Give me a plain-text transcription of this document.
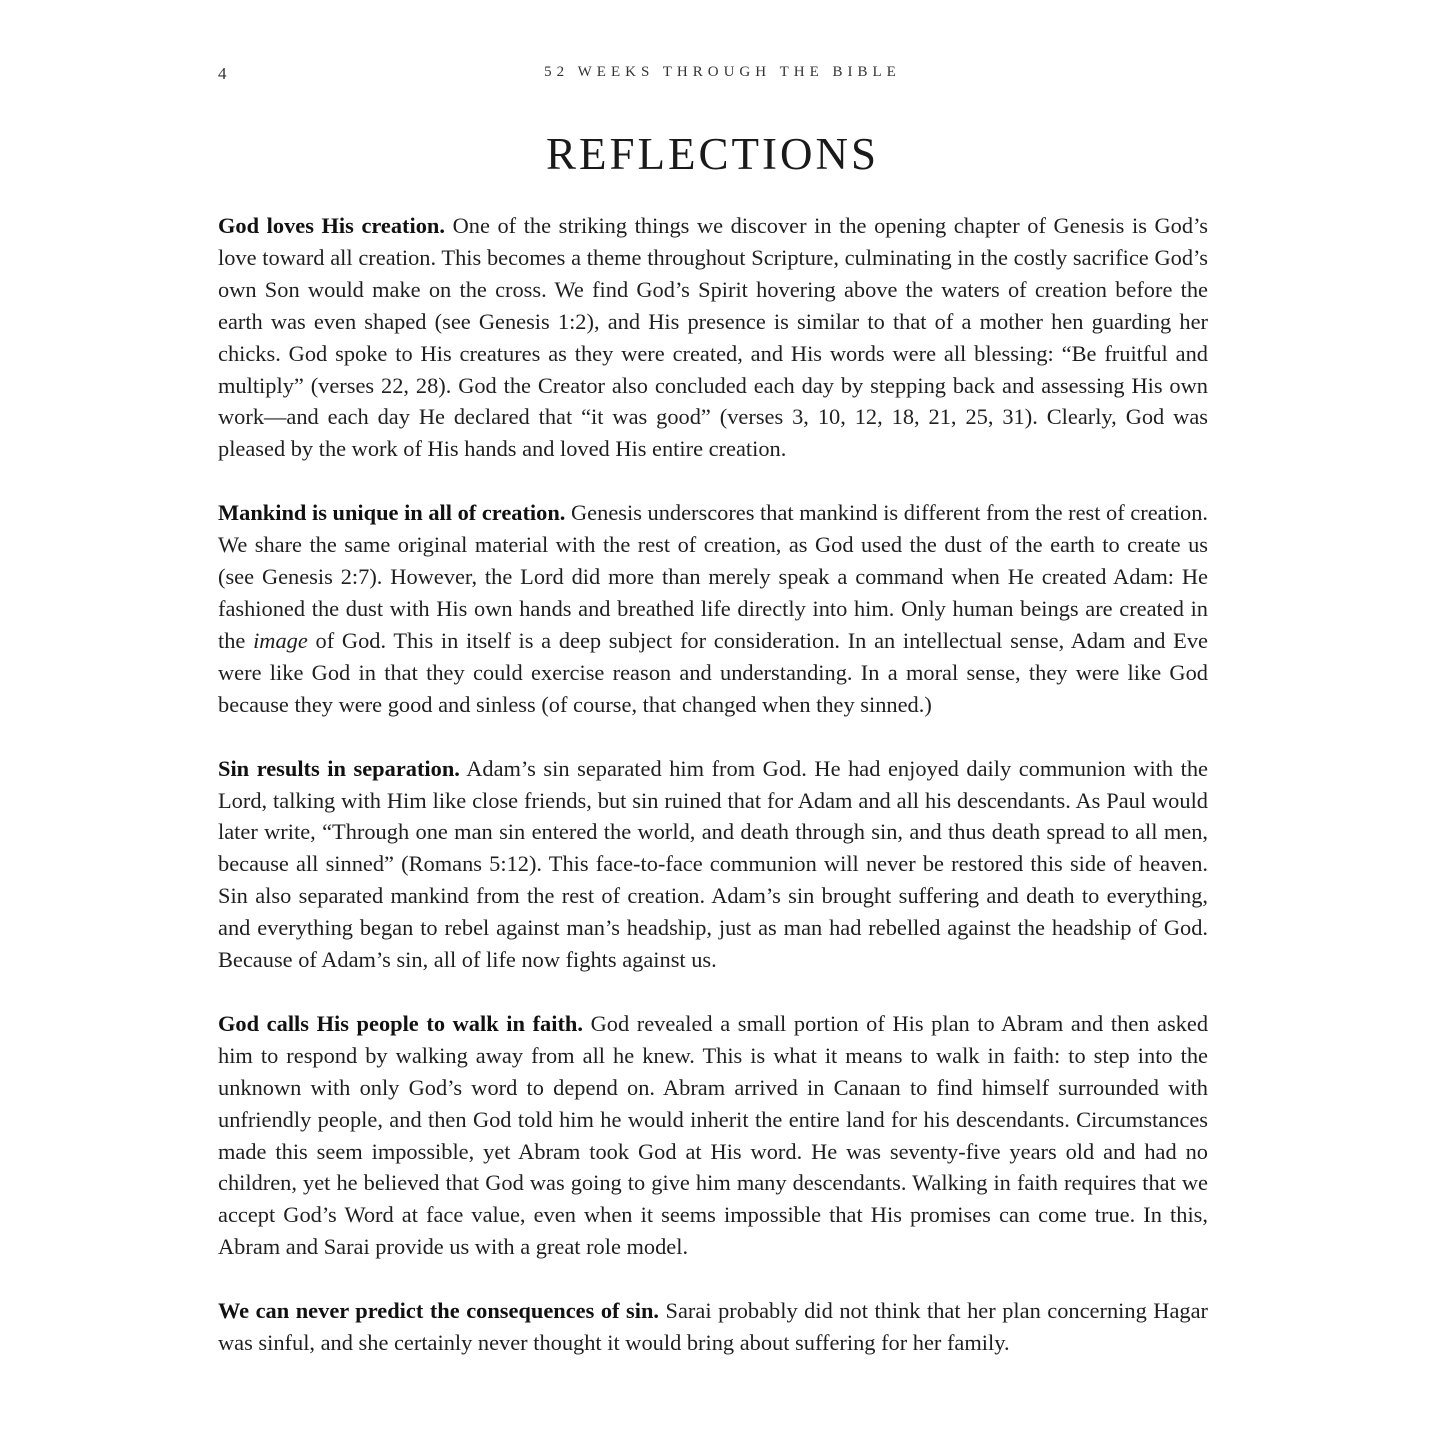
4	52 WEEKS THROUGH THE BIBLE
REFLECTIONS

God loves His creation. One of the striking things we discover in the opening chapter of Genesis is God’s love toward all creation. This becomes a theme throughout Scripture, culminating in the costly sacrifice God’s own Son would make on the cross. We find God’s Spirit hovering above the waters of creation before the earth was even shaped (see Genesis 1:2), and His presence is similar to that of a mother hen guarding her chicks. God spoke to His creatures as they were created, and His words were all blessing: “Be fruitful and multiply” (verses 22, 28). God the Creator also concluded each day by stepping back and assessing His own work—and each day He declared that “it was good” (verses 3, 10, 12, 18, 21, 25, 31). Clearly, God was pleased by the work of His hands and loved His entire creation.

Mankind is unique in all of creation. Genesis underscores that mankind is different from the rest of creation. We share the same original material with the rest of creation, as God used the dust of the earth to create us (see Genesis 2:7). However, the Lord did more than merely speak a command when He created Adam: He fashioned the dust with His own hands and breathed life directly into him. Only human beings are created in the image of God. This in itself is a deep subject for consideration. In an intellectual sense, Adam and Eve were like God in that they could exercise reason and understanding. In a moral sense, they were like God because they were good and sinless (of course, that changed when they sinned.)

Sin results in separation. Adam’s sin separated him from God. He had enjoyed daily communion with the Lord, talking with Him like close friends, but sin ruined that for Adam and all his descendants. As Paul would later write, “Through one man sin entered the world, and death through sin, and thus death spread to all men, because all sinned” (Romans 5:12). This face-to-face communion will never be restored this side of heaven. Sin also separated mankind from the rest of creation. Adam’s sin brought suffering and death to everything, and everything began to rebel against man’s headship, just as man had rebelled against the headship of God. Because of Adam’s sin, all of life now fights against us.

God calls His people to walk in faith. God revealed a small portion of His plan to Abram and then asked him to respond by walking away from all he knew. This is what it means to walk in faith: to step into the unknown with only God’s word to depend on. Abram arrived in Canaan to find himself surrounded with unfriendly people, and then God told him he would inherit the entire land for his descendants. Circumstances made this seem impossible, yet Abram took God at His word. He was seventy-five years old and had no children, yet he believed that God was going to give him many descendants. Walking in faith requires that we accept God’s Word at face value, even when it seems impossible that His promises can come true. In this, Abram and Sarai provide us with a great role model.

We can never predict the consequences of sin. Sarai probably did not think that her plan concerning Hagar was sinful, and she certainly never thought it would bring about suffering for her family.
